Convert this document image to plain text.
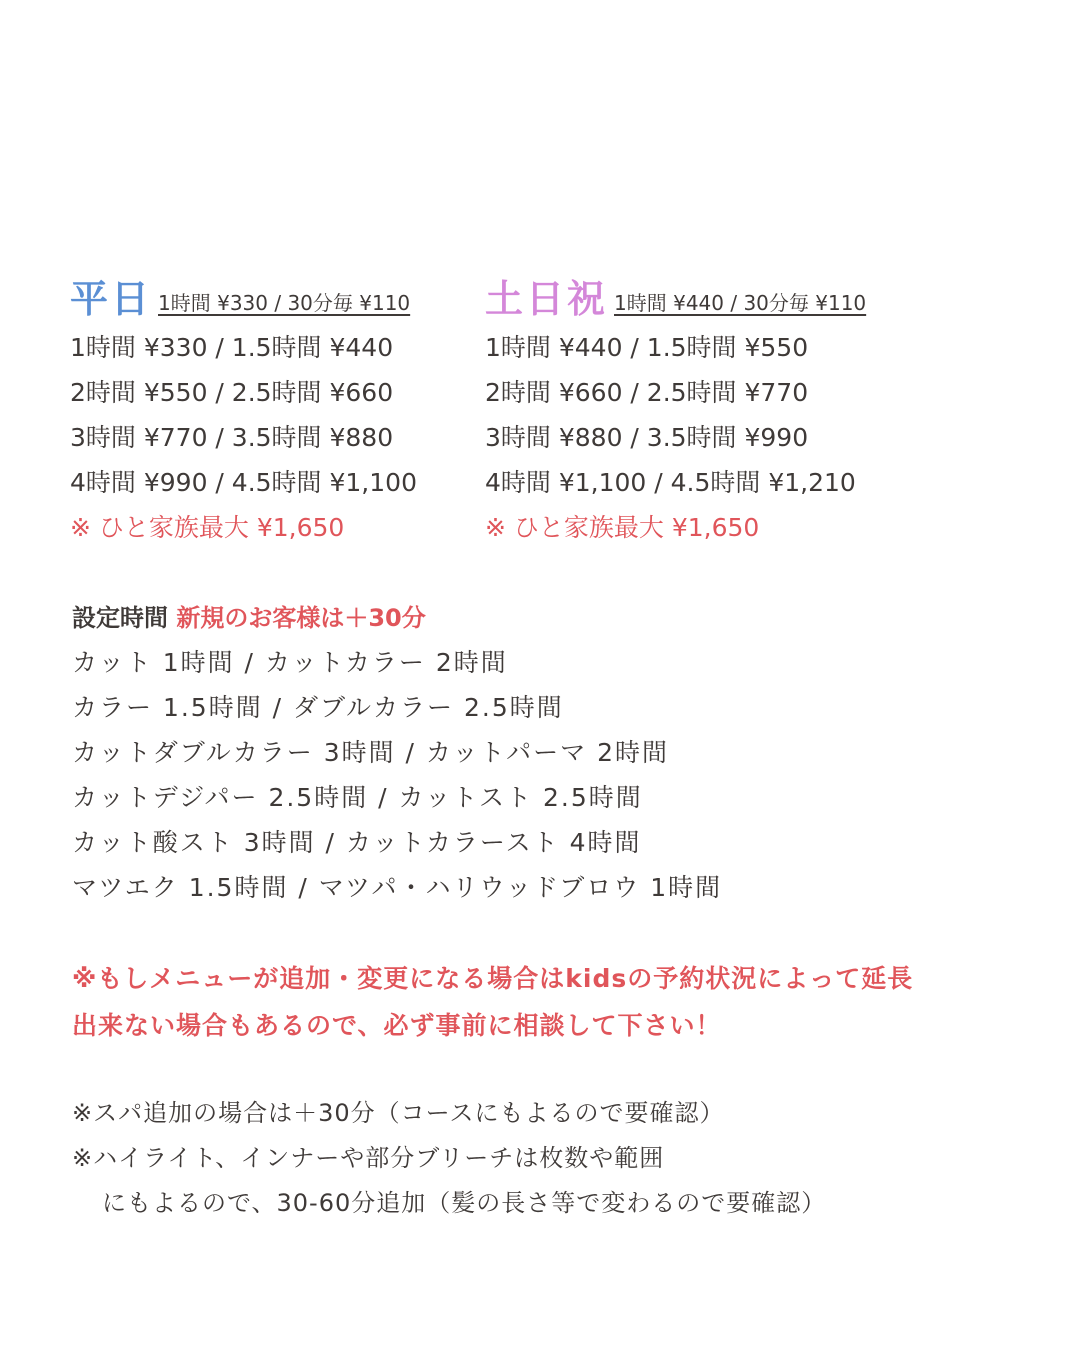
平日 1時間 ¥330 / 30分毎 ¥110
1時間 ¥330 / 1.5時間 ¥440
2時間 ¥550 / 2.5時間 ¥660
3時間 ¥770 / 3.5時間 ¥880
4時間 ¥990 / 4.5時間 ¥1,100
※ ひと家族最大 ¥1,650
土日祝 1時間 ¥440 / 30分毎 ¥110
1時間 ¥440 / 1.5時間 ¥550
2時間 ¥660 / 2.5時間 ¥770
3時間 ¥880 / 3.5時間 ¥990
4時間 ¥1,100 / 4.5時間 ¥1,210
※ ひと家族最大 ¥1,650
設定時間 新規のお客様は＋30分
カット 1時間 / カットカラー 2時間
カラー 1.5時間 / ダブルカラー 2.5時間
カットダブルカラー 3時間 / カットパーマ 2時間
カットデジパー 2.5時間 / カットスト 2.5時間
カット酸スト 3時間 / カットカラースト 4時間
マツエク 1.5時間 / マツパ・ハリウッドブロウ 1時間
※もしメニューが追加・変更になる場合はkidsの予約状況によって延長
出来ない場合もあるので、必ず事前に相談して下さい！
※スパ追加の場合は＋30分（コースにもよるので要確認）
※ハイライト、インナーや部分ブリーチは枚数や範囲
にもよるので、30-60分追加（髪の長さ等で変わるので要確認）
